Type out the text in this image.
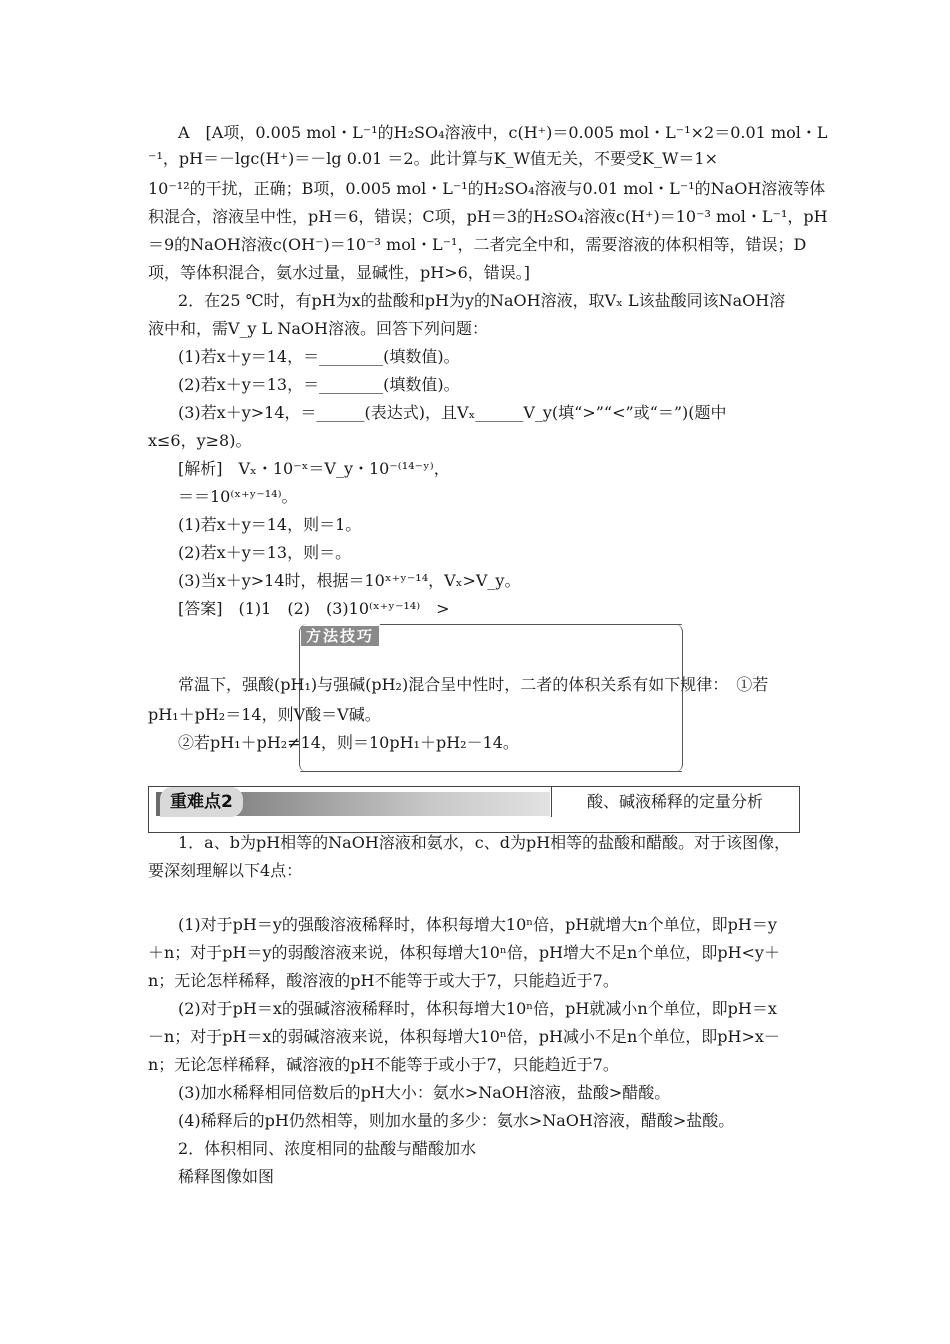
方法技巧
重难点2	酸、碱液稀释的定量分析
A　[A项，0.005 mol・L⁻¹的H₂SO₄溶液中，c(H⁺)＝0.005 mol・L⁻¹×2＝0.01 mol・L
⁻¹，pH＝－lgc(H⁺)＝－lg 0.01 ＝2。此计算与K_W值无关，不要受K_W＝1×
10⁻¹²的干扰，正确；B项，0.005 mol・L⁻¹的H₂SO₄溶液与0.01 mol・L⁻¹的NaOH溶液等体
积混合，溶液呈中性，pH＝6，错误；C项，pH＝3的H₂SO₄溶液c(H⁺)＝10⁻³ mol・L⁻¹，pH
＝9的NaOH溶液c(OH⁻)＝10⁻³ mol・L⁻¹，二者完全中和，需要溶液的体积相等，错误；D
项，等体积混合，氨水过量，显碱性，pH>6，错误。]
2．在25 ℃时，有pH为x的盐酸和pH为y的NaOH溶液，取Vₓ L该盐酸同该NaOH溶
液中和，需V_y L NaOH溶液。回答下列问题：
(1)若x＋y＝14，＝________(填数值)。
(2)若x＋y＝13，＝________(填数值)。
(3)若x＋y>14，＝______(表达式)，且Vₓ______V_y(填“>”“<”或“＝”)(题中
x≤6，y≥8)。
[解析]　Vₓ・10⁻ˣ＝V_y・10⁻⁽¹⁴⁻ʸ⁾，
＝＝10⁽ˣ⁺ʸ⁻¹⁴⁾。
(1)若x＋y＝14，则＝1。
(2)若x＋y＝13，则＝。
(3)当x＋y>14时，根据＝10ˣ⁺ʸ⁻¹⁴，Vₓ>V_y。
[答案]　(1)1　(2)　(3)10⁽ˣ⁺ʸ⁻¹⁴⁾　>
常温下，强酸(pH₁)与强碱(pH₂)混合呈中性时，二者的体积关系有如下规律：　①若
pH₁＋pH₂＝14，则V酸＝V碱。
②若pH₁＋pH₂≠14，则＝10pH₁＋pH₂－14。
1．a、b为pH相等的NaOH溶液和氨水，c、d为pH相等的盐酸和醋酸。对于该图像，
要深刻理解以下4点：
(1)对于pH＝y的强酸溶液稀释时，体积每增大10ⁿ倍，pH就增大n个单位，即pH＝y
＋n；对于pH＝y的弱酸溶液来说，体积每增大10ⁿ倍，pH增大不足n个单位，即pH<y＋
n；无论怎样稀释，酸溶液的pH不能等于或大于7，只能趋近于7。
(2)对于pH＝x的强碱溶液稀释时，体积每增大10ⁿ倍，pH就减小n个单位，即pH＝x
－n；对于pH＝x的弱碱溶液来说，体积每增大10ⁿ倍，pH减小不足n个单位，即pH>x－
n；无论怎样稀释，碱溶液的pH不能等于或小于7，只能趋近于7。
(3)加水稀释相同倍数后的pH大小：氨水>NaOH溶液，盐酸>醋酸。
(4)稀释后的pH仍然相等，则加水量的多少：氨水>NaOH溶液，醋酸>盐酸。
2．体积相同、浓度相同的盐酸与醋酸加水
稀释图像如图
